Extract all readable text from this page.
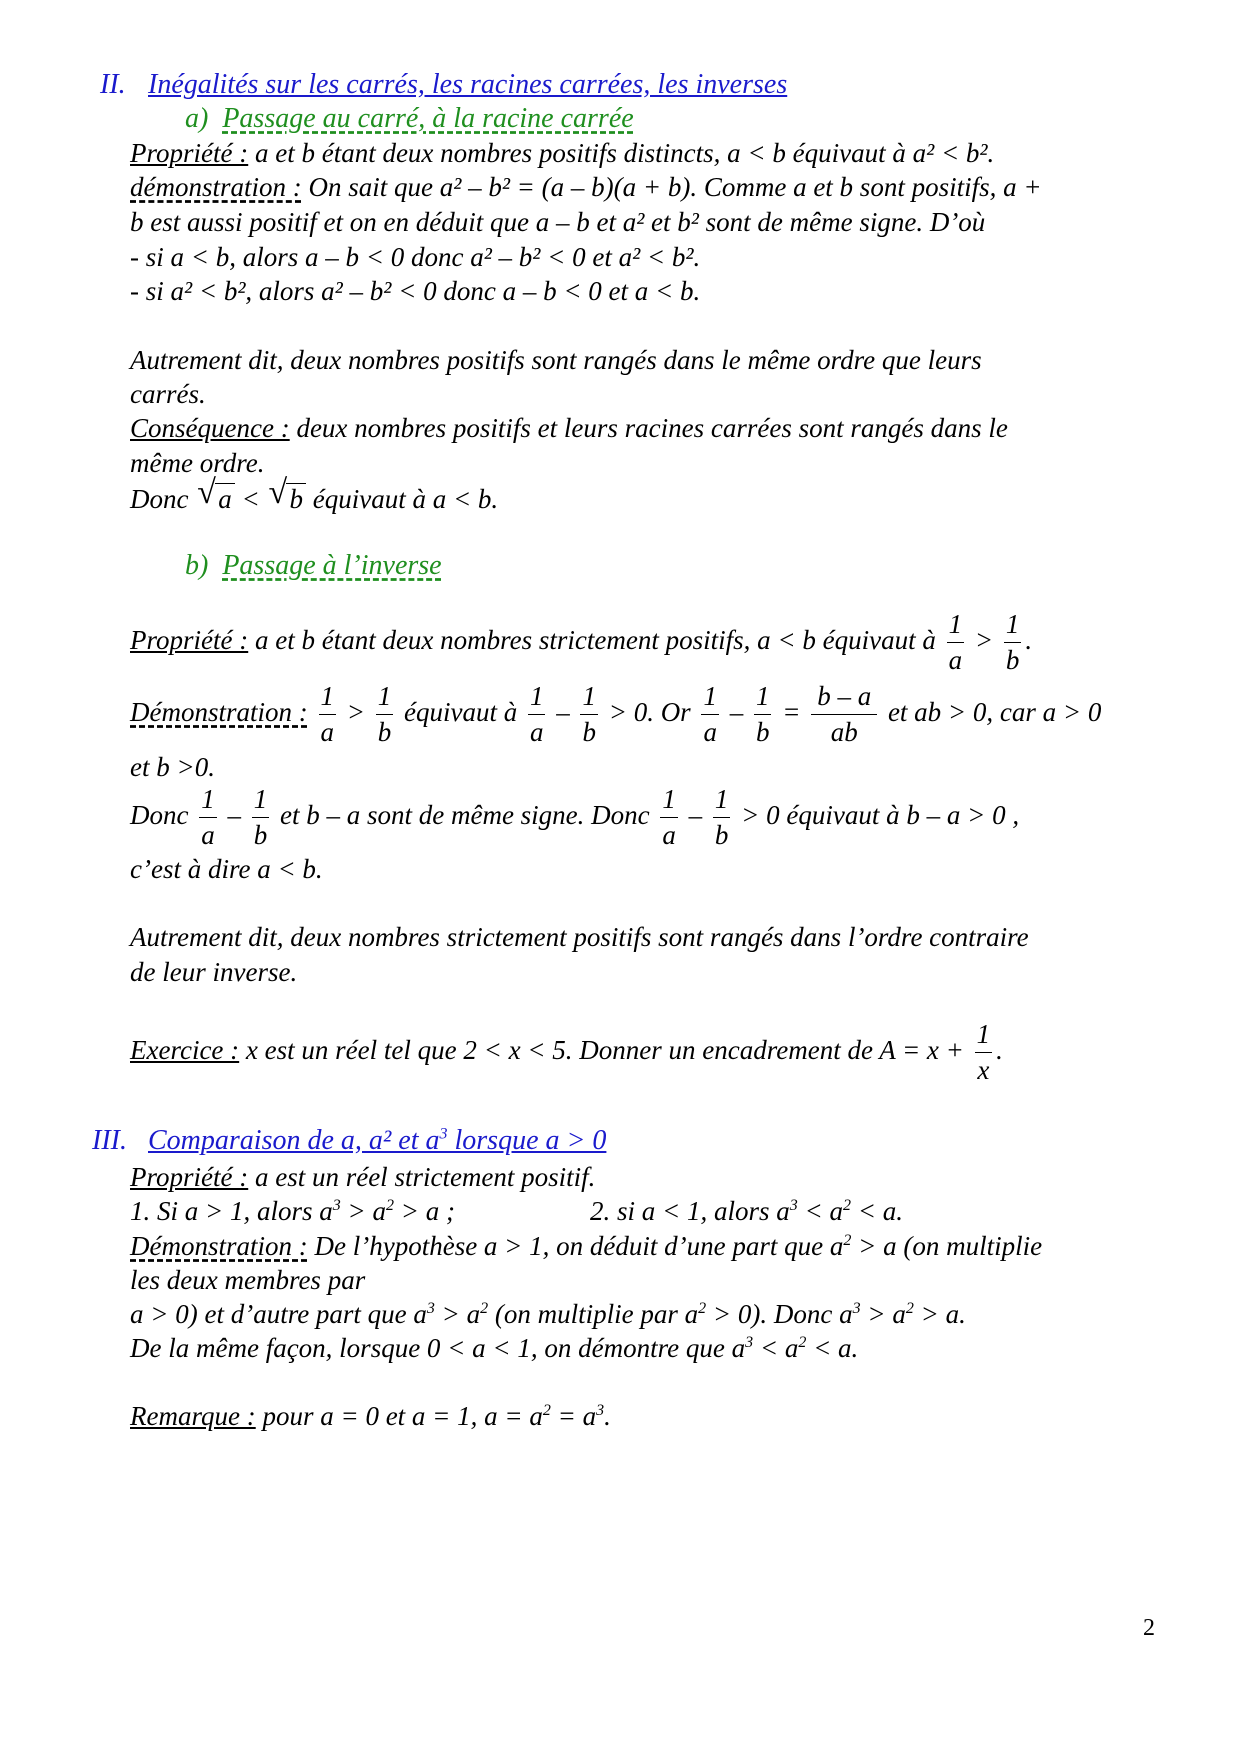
II. Inégalités sur les carrés, les racines carrées, les inverses
a) Passage au carré, à la racine carrée
Propriété : a et b étant deux nombres positifs distincts, a < b équivaut à a² < b².
démonstration : On sait que a² – b² = (a – b)(a + b). Comme a et b sont positifs, a +
b est aussi positif et on en déduit que a – b et a² et b² sont de même signe. D’où
- si a < b, alors a – b < 0 donc a² – b² < 0 et a² < b².
- si a² < b², alors a² – b² < 0 donc a – b < 0 et a < b.
Autrement dit, deux nombres positifs sont rangés dans le même ordre que leurs
carrés.
Conséquence : deux nombres positifs et leurs racines carrées sont rangés dans le
même ordre.
Donc √ a < √ b équivaut à a < b.
b) Passage à l’inverse
Propriété : a et b étant deux nombres strictement positifs, a < b équivaut à $\frac{1}{a} > \frac{1}{b}$ .
Démonstration : $\frac{1}{a} > \frac{1}{b}$ équivaut à $\frac{1}{a} - \frac{1}{b} > 0$. Or $\frac{1}{a} - \frac{1}{b} = \frac{b - a}{ab}$ et ab > 0, car a > 0
et b >0.
Donc $\frac{1}{a} - \frac{1}{b}$ et b – a sont de même signe. Donc $\frac{1}{a} - \frac{1}{b} > 0$ équivaut à b – a > 0 ,
c’est à dire a < b.
Autrement dit, deux nombres strictement positifs sont rangés dans l’ordre contraire
de leur inverse.
Exercice : x est un réel tel que 2 < x < 5. Donner un encadrement de $A = x + \frac{1}{x}$ .
III. Comparaison de a, a² et $a^3$ lorsque a > 0
Propriété : a est un réel strictement positif.
1. Si a > 1, alors $a^3 > a^2 > a$ ;	2. si a < 1, alors $a^3 < a^2 < a$.
Démonstration : De l’hypothèse a > 1, on déduit d’une part que $a^2 > a$ (on multiplie
les deux membres par
a > 0) et d’autre part que $a^3 > a^2$ (on multiplie par $a^2 > 0$). Donc $a^3 > a^2 > a$.
De la même façon, lorsque 0 < a < 1, on démontre que $a^3 < a^2 < a$.
Remarque : pour a = 0 et a = 1, $a = a^2 = a^3$.
2
